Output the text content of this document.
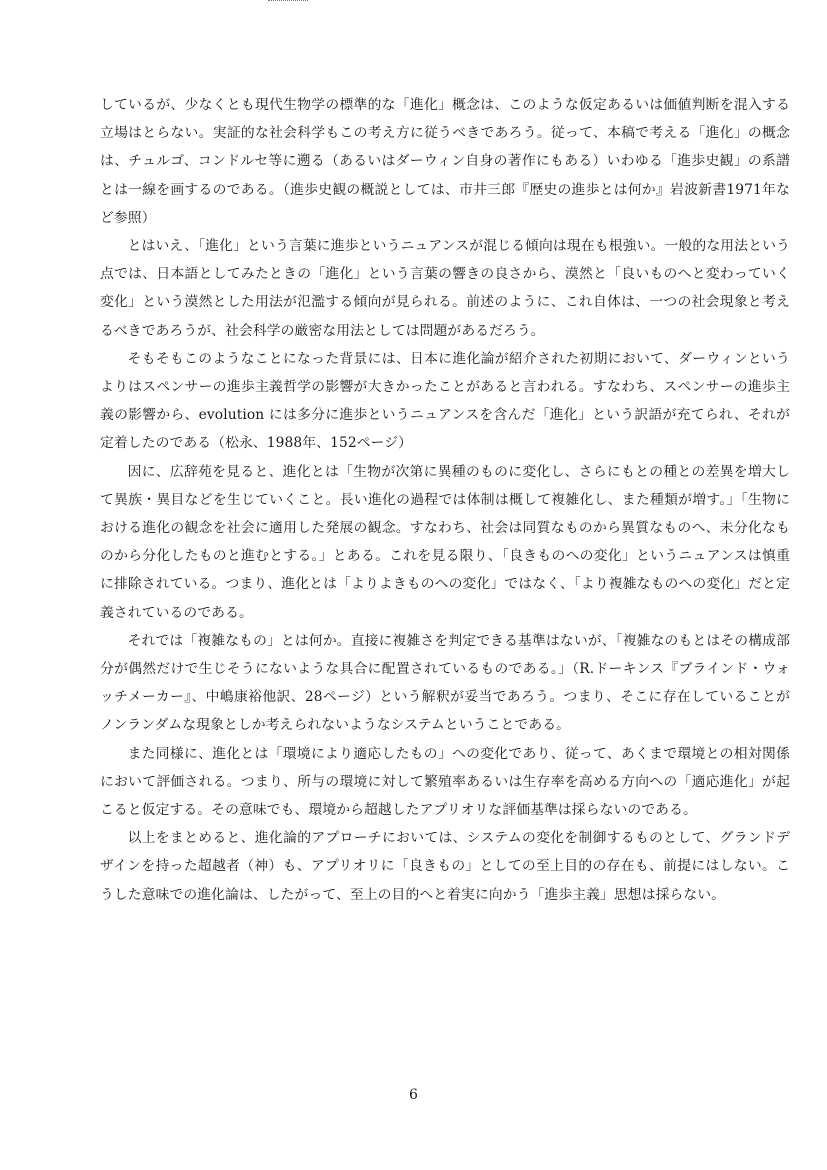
しているが、少なくとも現代生物学の標準的な「進化」概念は、このような仮定あるいは価値判断を混入する立場はとらない。実証的な社会科学もこの考え方に従うべきであろう。従って、本稿で考える「進化」の概念は、チュルゴ、コンドルセ等に遡る（あるいはダーウィン自身の著作にもある）いわゆる「進歩史観」の系譜とは一線を画するのである。（進歩史観の概説としては、市井三郎『歴史の進歩とは何か』岩波新書1971年など参照）

とはいえ、「進化」という言葉に進歩というニュアンスが混じる傾向は現在も根強い。一般的な用法という点では、日本語としてみたときの「進化」という言葉の響きの良さから、漠然と「良いものへと変わっていく変化」という漠然とした用法が氾濫する傾向が見られる。前述のように、これ自体は、一つの社会現象と考えるべきであろうが、社会科学の厳密な用法としては問題があるだろう。

そもそもこのようなことになった背景には、日本に進化論が紹介された初期において、ダーウィンというよりはスペンサーの進歩主義哲学の影響が大きかったことがあると言われる。すなわち、スペンサーの進歩主義の影響から、evolution には多分に進歩というニュアンスを含んだ「進化」という訳語が充てられ、それが定着したのである（松永、1988年、152ページ）

因に、広辞苑を見ると、進化とは「生物が次第に異種のものに変化し、さらにもとの種との差異を増大して異族・異目などを生じていくこと。長い進化の過程では体制は概して複雑化し、また種類が増す。」「生物における進化の観念を社会に適用した発展の観念。すなわち、社会は同質なものから異質なものへ、未分化なものから分化したものと進むとする。」とある。これを見る限り、「良きものへの変化」というニュアンスは慎重に排除されている。つまり、進化とは「よりよきものへの変化」ではなく、「より複雑なものへの変化」だと定義されているのである。

それでは「複雑なもの」とは何か。直接に複雑さを判定できる基準はないが、「複雑なのもとはその構成部分が偶然だけで生じそうにないような具合に配置されているものである。」（R.ドーキンス『ブラインド・ウォッチメーカー』、中嶋康裕他訳、28ページ）という解釈が妥当であろう。つまり、そこに存在していることがノンランダムな現象としか考えられないようなシステムということである。

また同様に、進化とは「環境により適応したもの」への変化であり、従って、あくまで環境との相対関係において評価される。つまり、所与の環境に対して繁殖率あるいは生存率を高める方向への「適応進化」が起こると仮定する。その意味でも、環境から超越したアプリオリな評価基準は採らないのである。

以上をまとめると、進化論的アプローチにおいては、システムの変化を制御するものとして、グランドデザインを持った超越者（神）も、アプリオリに「良きもの」としての至上目的の存在も、前提にはしない。こうした意味での進化論は、したがって、至上の目的へと着実に向かう「進歩主義」思想は採らない。

6
